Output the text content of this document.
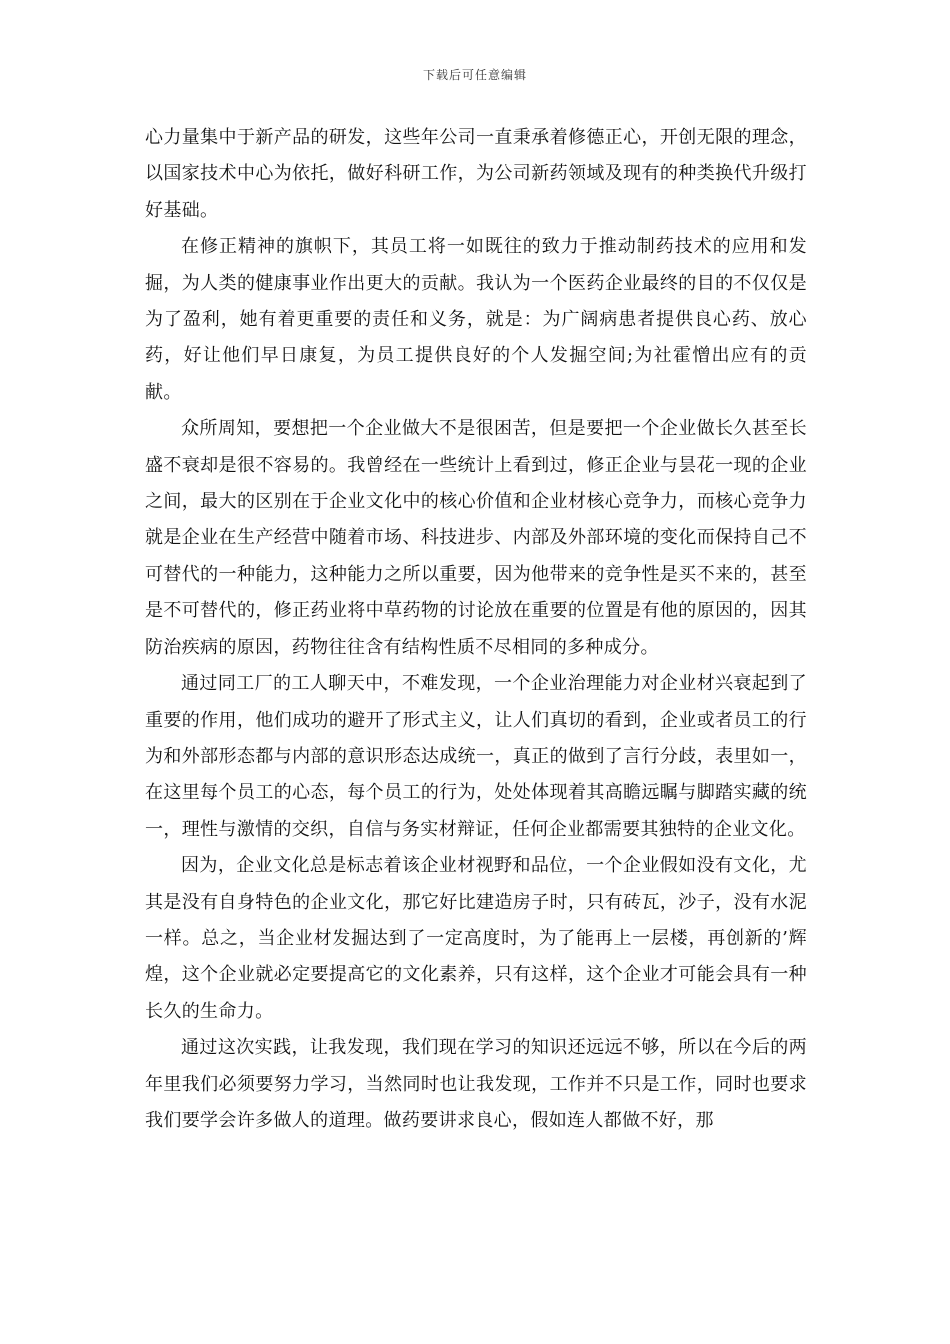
下载后可任意编辑

心力量集中于新产品的研发，这些年公司一直秉承着修德正心，开创无限的理念，以国家技术中心为依托，做好科研工作，为公司新药领域及现有的种类换代升级打好基础。

在修正精神的旗帜下，其员工将一如既往的致力于推动制药技术的应用和发掘，为人类的健康事业作出更大的贡献。我认为一个医药企业最终的目的不仅仅是为了盈利，她有着更重要的责任和义务，就是：为广阔病患者提供良心药、放心药，好让他们早日康复，为员工提供良好的个人发掘空间;为社霍憎出应有的贡献。

众所周知，要想把一个企业做大不是很困苦，但是要把一个企业做长久甚至长盛不衰却是很不容易的。我曾经在一些统计上看到过，修正企业与昙花一现的企业之间，最大的区别在于企业文化中的核心价值和企业材核心竞争力，而核心竞争力就是企业在生产经营中随着市场、科技进步、内部及外部环境的变化而保持自己不可替代的一种能力，这种能力之所以重要，因为他带来的竞争性是买不来的，甚至是不可替代的，修正药业将中草药物的讨论放在重要的位置是有他的原因的，因其防治疾病的原因，药物往往含有结构性质不尽相同的多种成分。

通过同工厂的工人聊天中，不难发现，一个企业治理能力对企业材兴衰起到了重要的作用，他们成功的避开了形式主义，让人们真切的看到，企业或者员工的行为和外部形态都与内部的意识形态达成统一，真正的做到了言行分歧，表里如一，在这里每个员工的心态，每个员工的行为，处处体现着其高瞻远瞩与脚踏实藏的统一，理性与激情的交织，自信与务实材辩证，任何企业都需要其独特的企业文化。

因为，企业文化总是标志着该企业材视野和品位，一个企业假如没有文化，尤其是没有自身特色的企业文化，那它好比建造房子时，只有砖瓦，沙子，没有水泥一样。总之，当企业材发掘达到了一定高度时，为了能再上一层楼，再创新的’辉煌，这个企业就必定要提高它的文化素养，只有这样，这个企业才可能会具有一种长久的生命力。

通过这次实践，让我发现，我们现在学习的知识还远远不够，所以在今后的两年里我们必须要努力学习，当然同时也让我发现，工作并不只是工作，同时也要求我们要学会许多做人的道理。做药要讲求良心，假如连人都做不好，那
